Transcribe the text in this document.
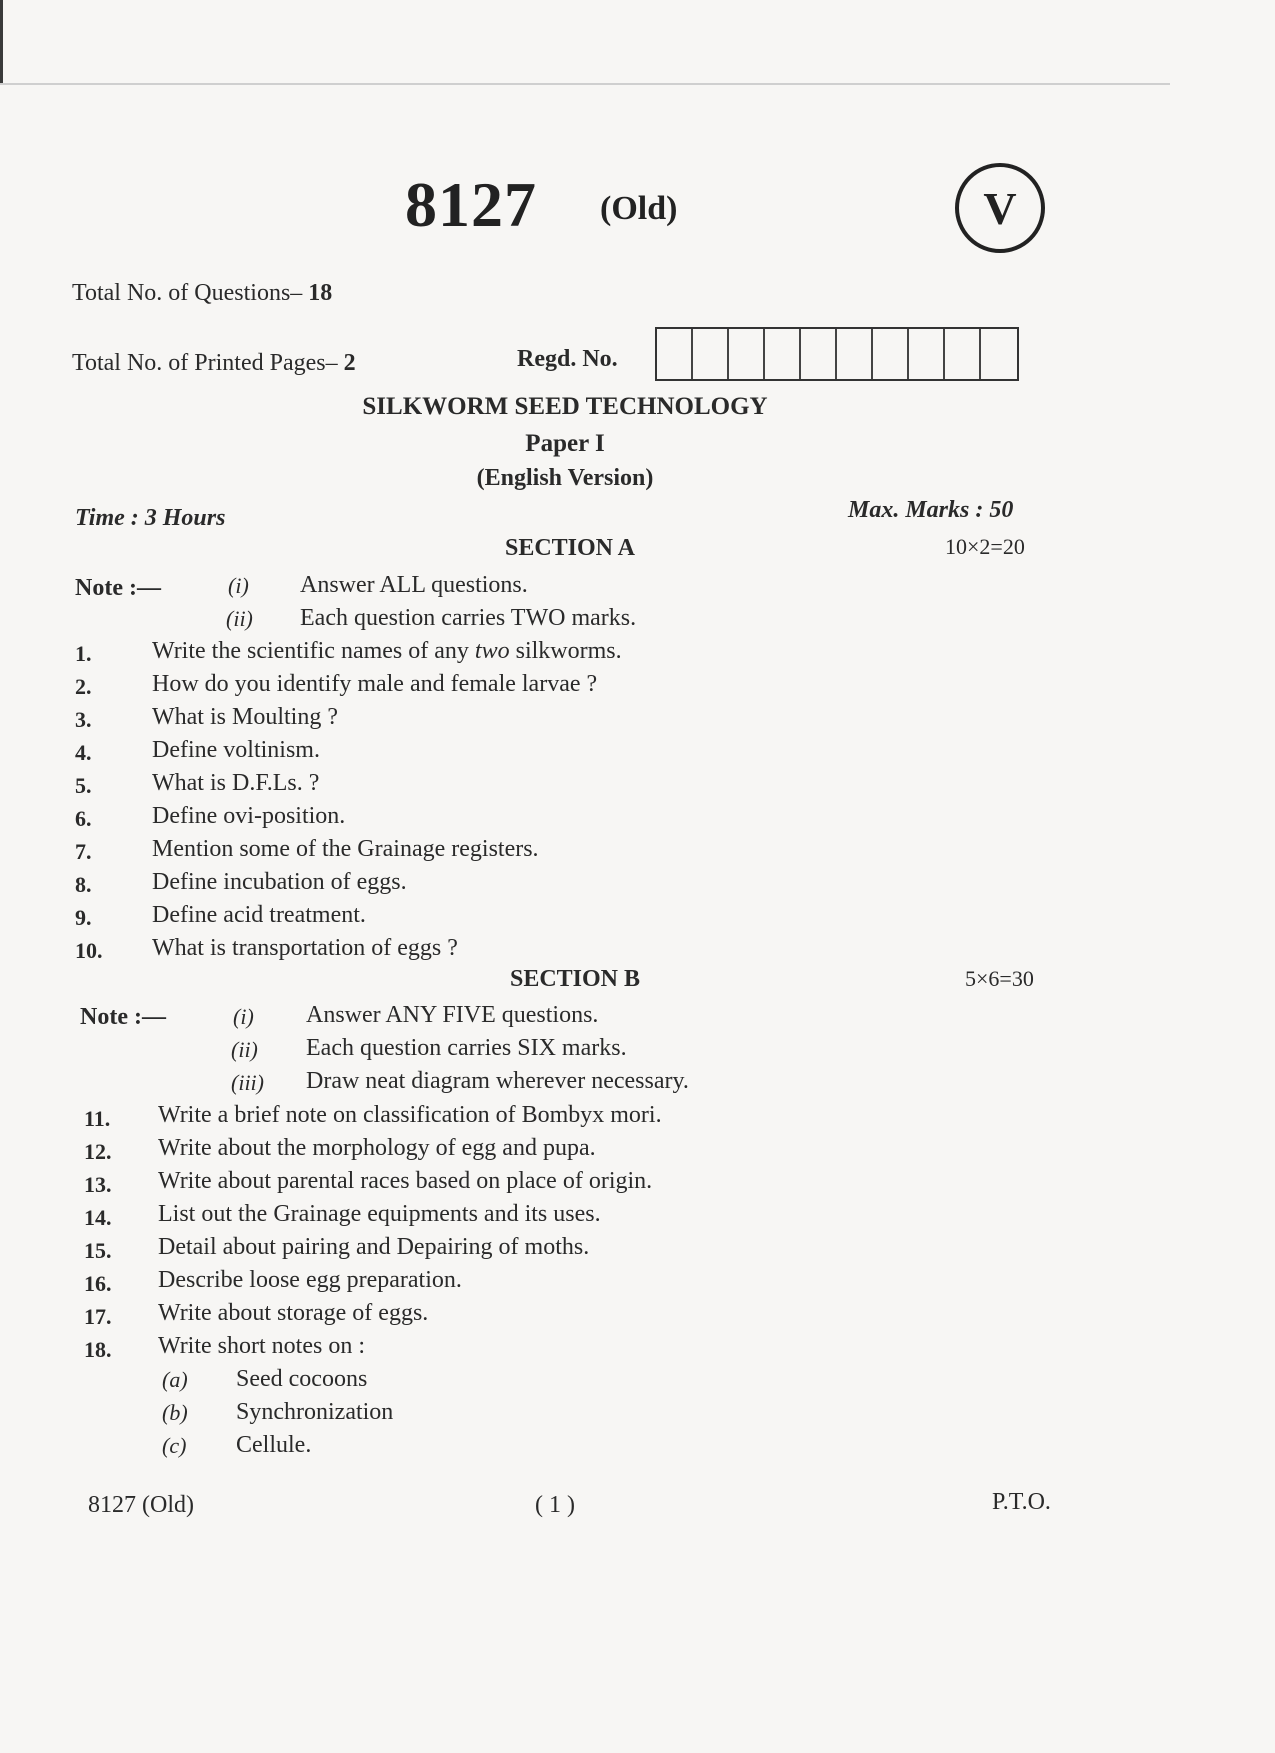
8127 (Old)	V
Total No. of Questions– 18
Total No. of Printed Pages– 2	Regd. No.
SILKWORM SEED TECHNOLOGY
Paper I
(English Version)
Time : 3 Hours	Max. Marks : 50
SECTION A	10×2=20
Note :—	(i) Answer ALL questions.
(ii) Each question carries TWO marks.
1.	Write the scientific names of any two silkworms.
2.	How do you identify male and female larvae ?
3.	What is Moulting ?
4.	Define voltinism.
5.	What is D.F.Ls. ?
6.	Define ovi-position.
7.	Mention some of the Grainage registers.
8.	Define incubation of eggs.
9.	Define acid treatment.
10. What is transportation of eggs ?
SECTION B	5×6=30
Note :—	(i) Answer ANY FIVE questions.
(ii) Each question carries SIX marks.
(iii) Draw neat diagram wherever necessary.
11. Write a brief note on classification of Bombyx mori.
12. Write about the morphology of egg and pupa.
13. Write about parental races based on place of origin.
14. List out the Grainage equipments and its uses.
15. Detail about pairing and Depairing of moths.
16. Describe loose egg preparation.
17. Write about storage of eggs.
18. Write short notes on :
(a) Seed cocoons
(b) Synchronization
(c) Cellule.
8127 (Old)	( 1 )	P.T.O.
